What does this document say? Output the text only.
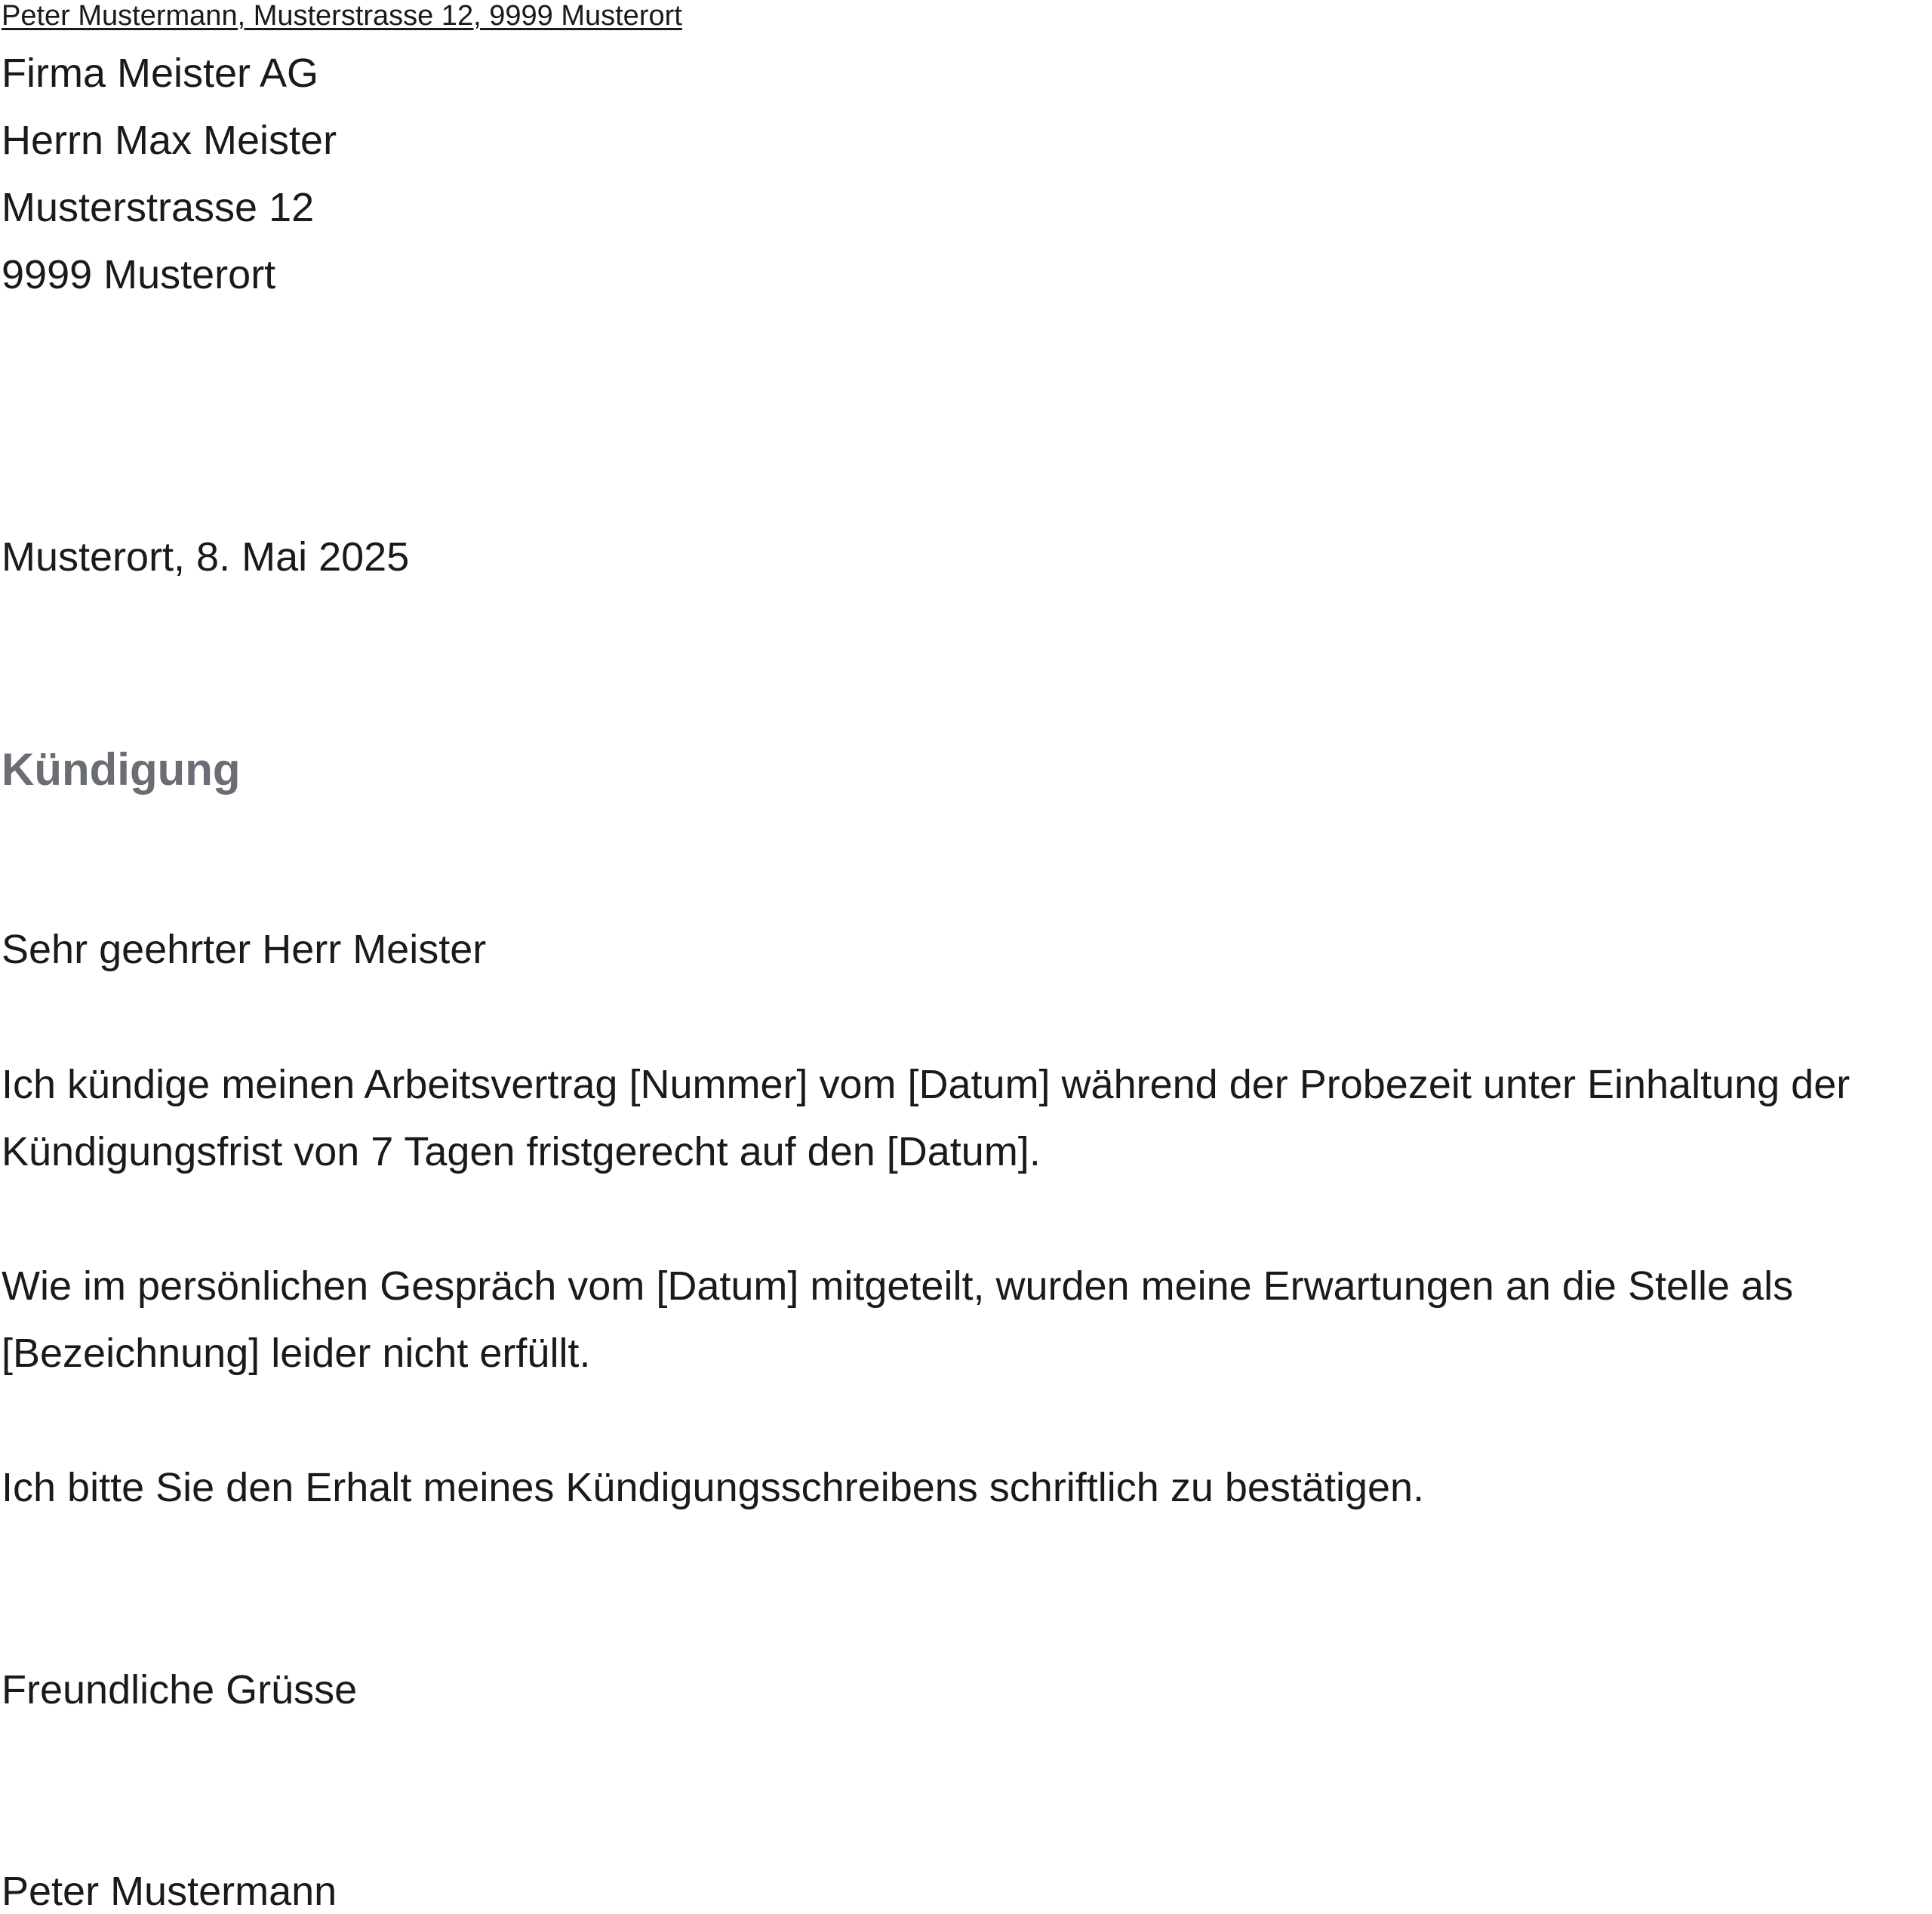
Peter Mustermann, Musterstrasse 12, 9999 Musterort
Firma Meister AG
Herrn Max Meister
Musterstrasse 12
9999 Musterort
Musterort, 8. Mai 2025
Kündigung
Sehr geehrter Herr Meister
Ich kündige meinen Arbeitsvertrag [Nummer] vom [Datum] während der Probezeit unter Einhaltung der
Kündigungsfrist von 7 Tagen fristgerecht auf den [Datum].
Wie im persönlichen Gespräch vom [Datum] mitgeteilt, wurden meine Erwartungen an die Stelle als
[Bezeichnung] leider nicht erfüllt.
Ich bitte Sie den Erhalt meines Kündigungsschreibens schriftlich zu bestätigen.
Freundliche Grüsse
Peter Mustermann
